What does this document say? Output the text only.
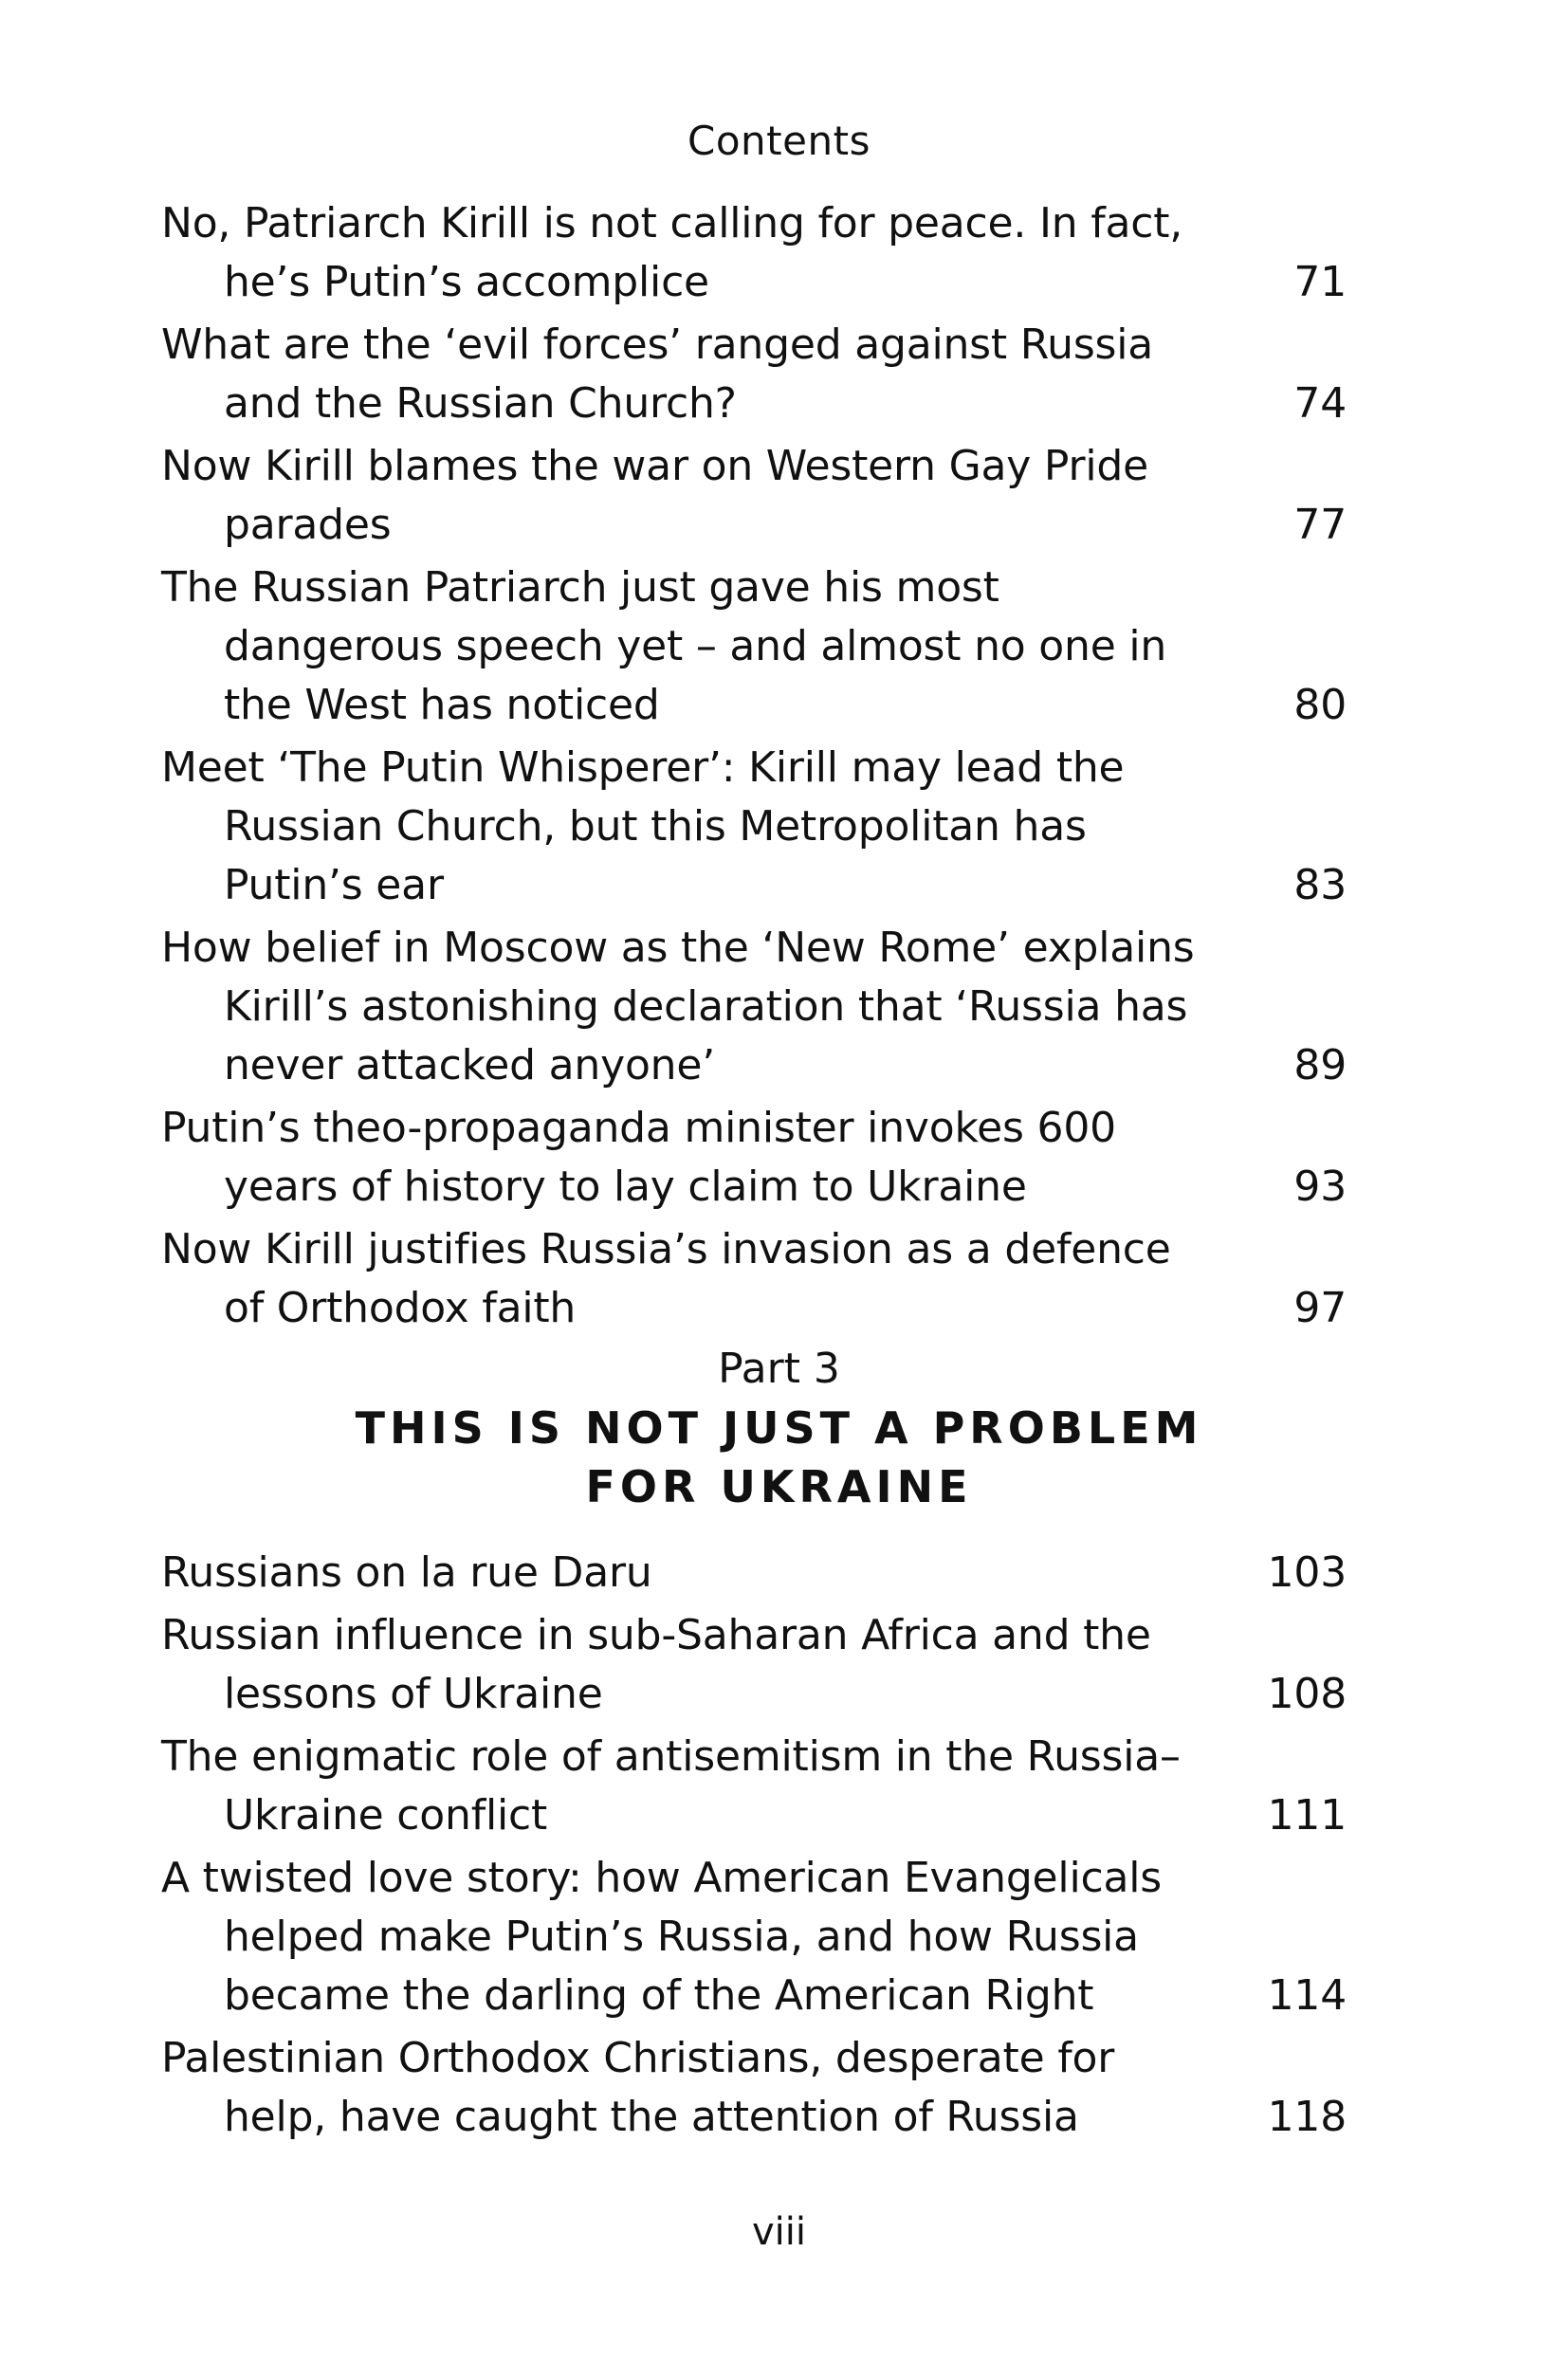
Contents
No, Patriarch Kirill is not calling for peace. In fact, he’s Putin’s accomplice	71
What are the ‘evil forces’ ranged against Russia and the Russian Church?	74
Now Kirill blames the war on Western Gay Pride parades	77
The Russian Patriarch just gave his most dangerous speech yet – and almost no one in the West has noticed	80
Meet ‘The Putin Whisperer’: Kirill may lead the Russian Church, but this Metropolitan has Putin’s ear	83
How belief in Moscow as the ‘New Rome’ explains Kirill’s astonishing declaration that ‘Russia has never attacked anyone’	89
Putin’s theo-propaganda minister invokes 600 years of history to lay claim to Ukraine	93
Now Kirill justifies Russia’s invasion as a defence of Orthodox faith	97
Part 3
THIS IS NOT JUST A PROBLEM
FOR UKRAINE
Russians on la rue Daru	103
Russian influence in sub-Saharan Africa and the lessons of Ukraine	108
The enigmatic role of antisemitism in the Russia–Ukraine conflict	111
A twisted love story: how American Evangelicals helped make Putin’s Russia, and how Russia became the darling of the American Right	114
Palestinian Orthodox Christians, desperate for help, have caught the attention of Russia	118
viii
